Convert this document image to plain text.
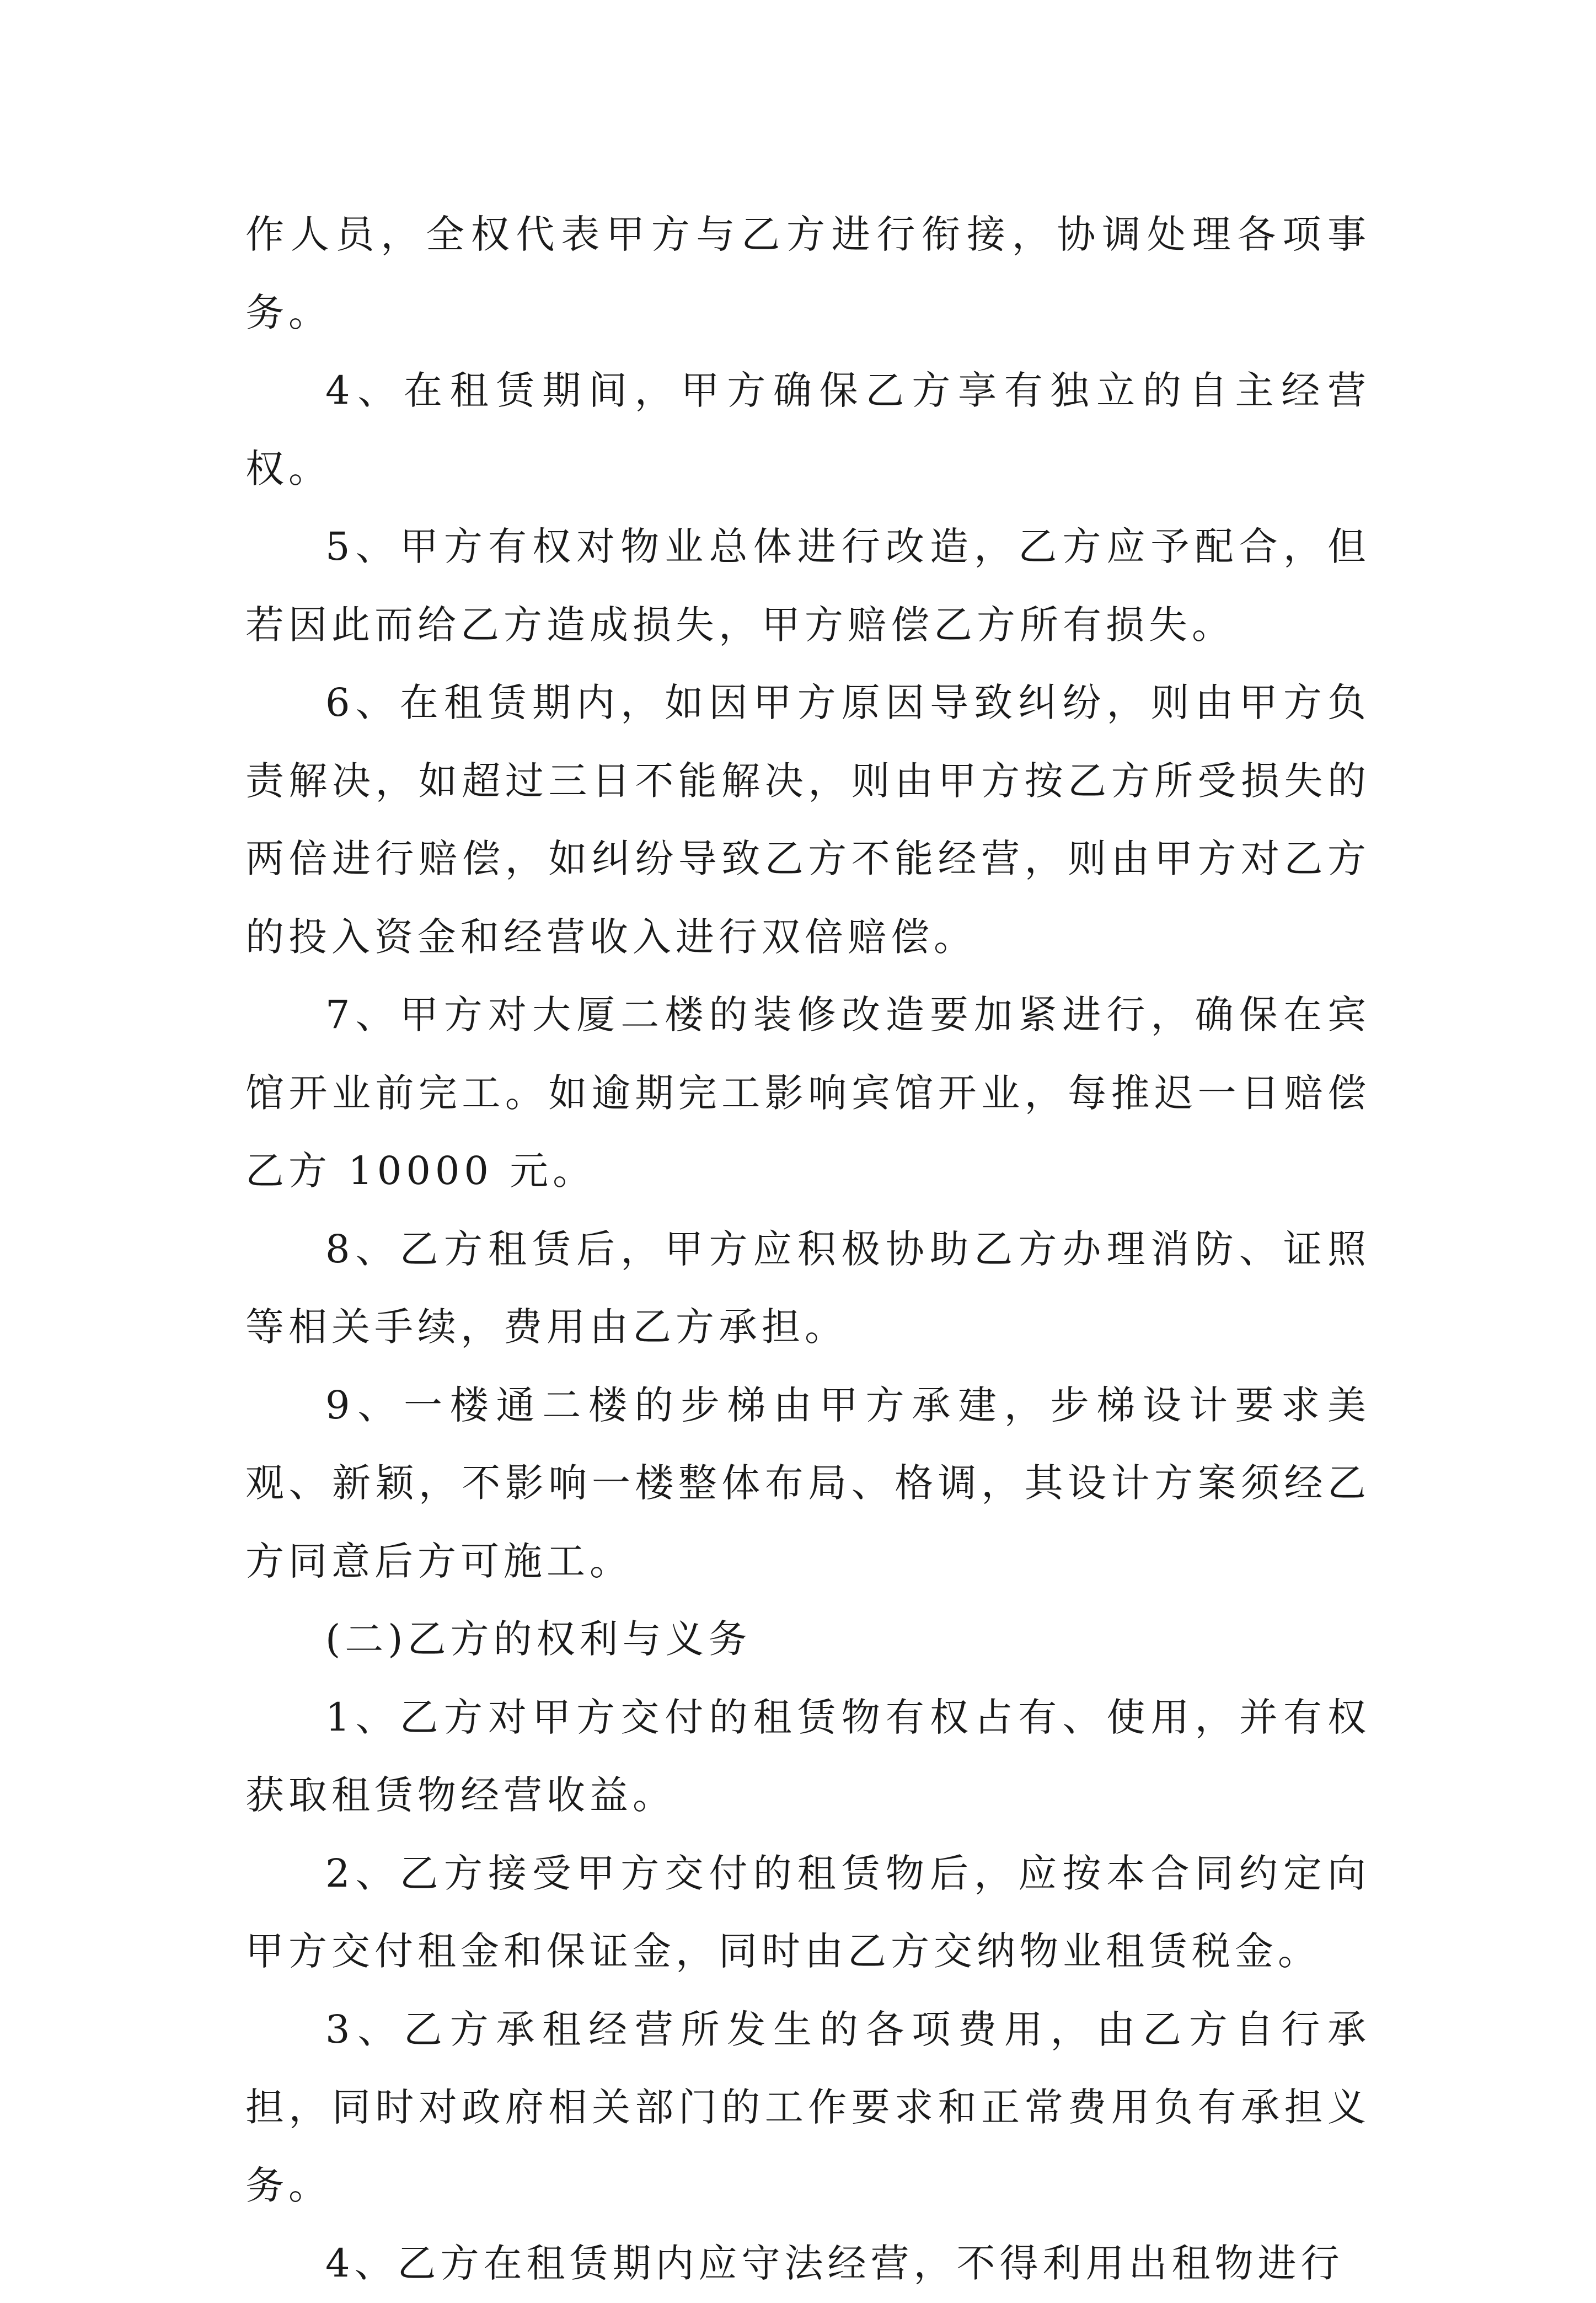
作人员，全权代表甲方与乙方进行衔接，协调处理各项事务。

4、在租赁期间，甲方确保乙方享有独立的自主经营权。

5、甲方有权对物业总体进行改造，乙方应予配合，但若因此而给乙方造成损失，甲方赔偿乙方所有损失。

6、在租赁期内，如因甲方原因导致纠纷，则由甲方负责解决，如超过三日不能解决，则由甲方按乙方所受损失的两倍进行赔偿，如纠纷导致乙方不能经营，则由甲方对乙方的投入资金和经营收入进行双倍赔偿。

7、甲方对大厦二楼的装修改造要加紧进行，确保在宾馆开业前完工。如逾期完工影响宾馆开业，每推迟一日赔偿乙方 10000 元。

8、乙方租赁后，甲方应积极协助乙方办理消防、证照等相关手续，费用由乙方承担。

9、一楼通二楼的步梯由甲方承建，步梯设计要求美观、新颖，不影响一楼整体布局、格调，其设计方案须经乙方同意后方可施工。

(二)乙方的权利与义务

1、乙方对甲方交付的租赁物有权占有、使用，并有权获取租赁物经营收益。

2、乙方接受甲方交付的租赁物后，应按本合同约定向甲方交付租金和保证金，同时由乙方交纳物业租赁税金。

3、乙方承租经营所发生的各项费用，由乙方自行承担，同时对政府相关部门的工作要求和正常费用负有承担义务。

4、乙方在租赁期内应守法经营，不得利用出租物进行
